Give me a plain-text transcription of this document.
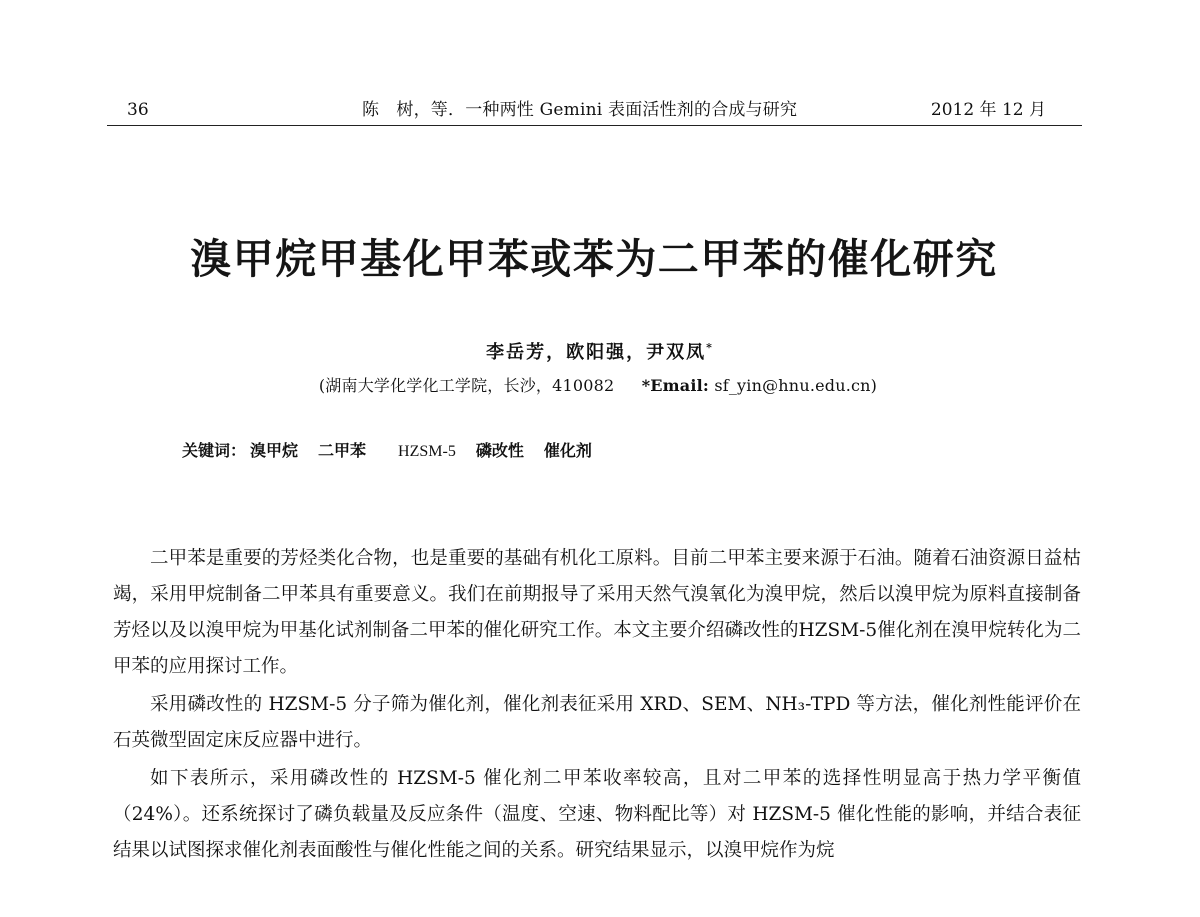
36	陈　树，等．一种两性 Gemini 表面活性剂的合成与研究	2012 年 12 月
溴甲烷甲基化甲苯或苯为二甲苯的催化研究
李岳芳，欧阳强，尹双凤*
(湖南大学化学化工学院，长沙，410082 *Email: sf_yin@hnu.edu.cn)
关键词： 溴甲烷 二甲苯 HZSM-5 磷改性 催化剂

二甲苯是重要的芳烃类化合物，也是重要的基础有机化工原料。目前二甲苯主要来源于石油。随着石油资源日益枯竭，采用甲烷制备二甲苯具有重要意义。我们在前期报导了采用天然气溴氧化为溴甲烷，然后以溴甲烷为原料直接制备芳烃以及以溴甲烷为甲基化试剂制备二甲苯的催化研究工作。本文主要介绍磷改性的HZSM-5催化剂在溴甲烷转化为二甲苯的应用探讨工作。

采用磷改性的 HZSM-5 分子筛为催化剂，催化剂表征采用 XRD、SEM、NH₃-TPD 等方法，催化剂性能评价在石英微型固定床反应器中进行。

如下表所示，采用磷改性的 HZSM-5 催化剂二甲苯收率较高，且对二甲苯的选择性明显高于热力学平衡值（24%）。还系统探讨了磷负载量及反应条件（温度、空速、物料配比等）对 HZSM-5 催化性能的影响，并结合表征结果以试图探求催化剂表面酸性与催化性能之间的关系。研究结果显示，以溴甲烷作为烷
